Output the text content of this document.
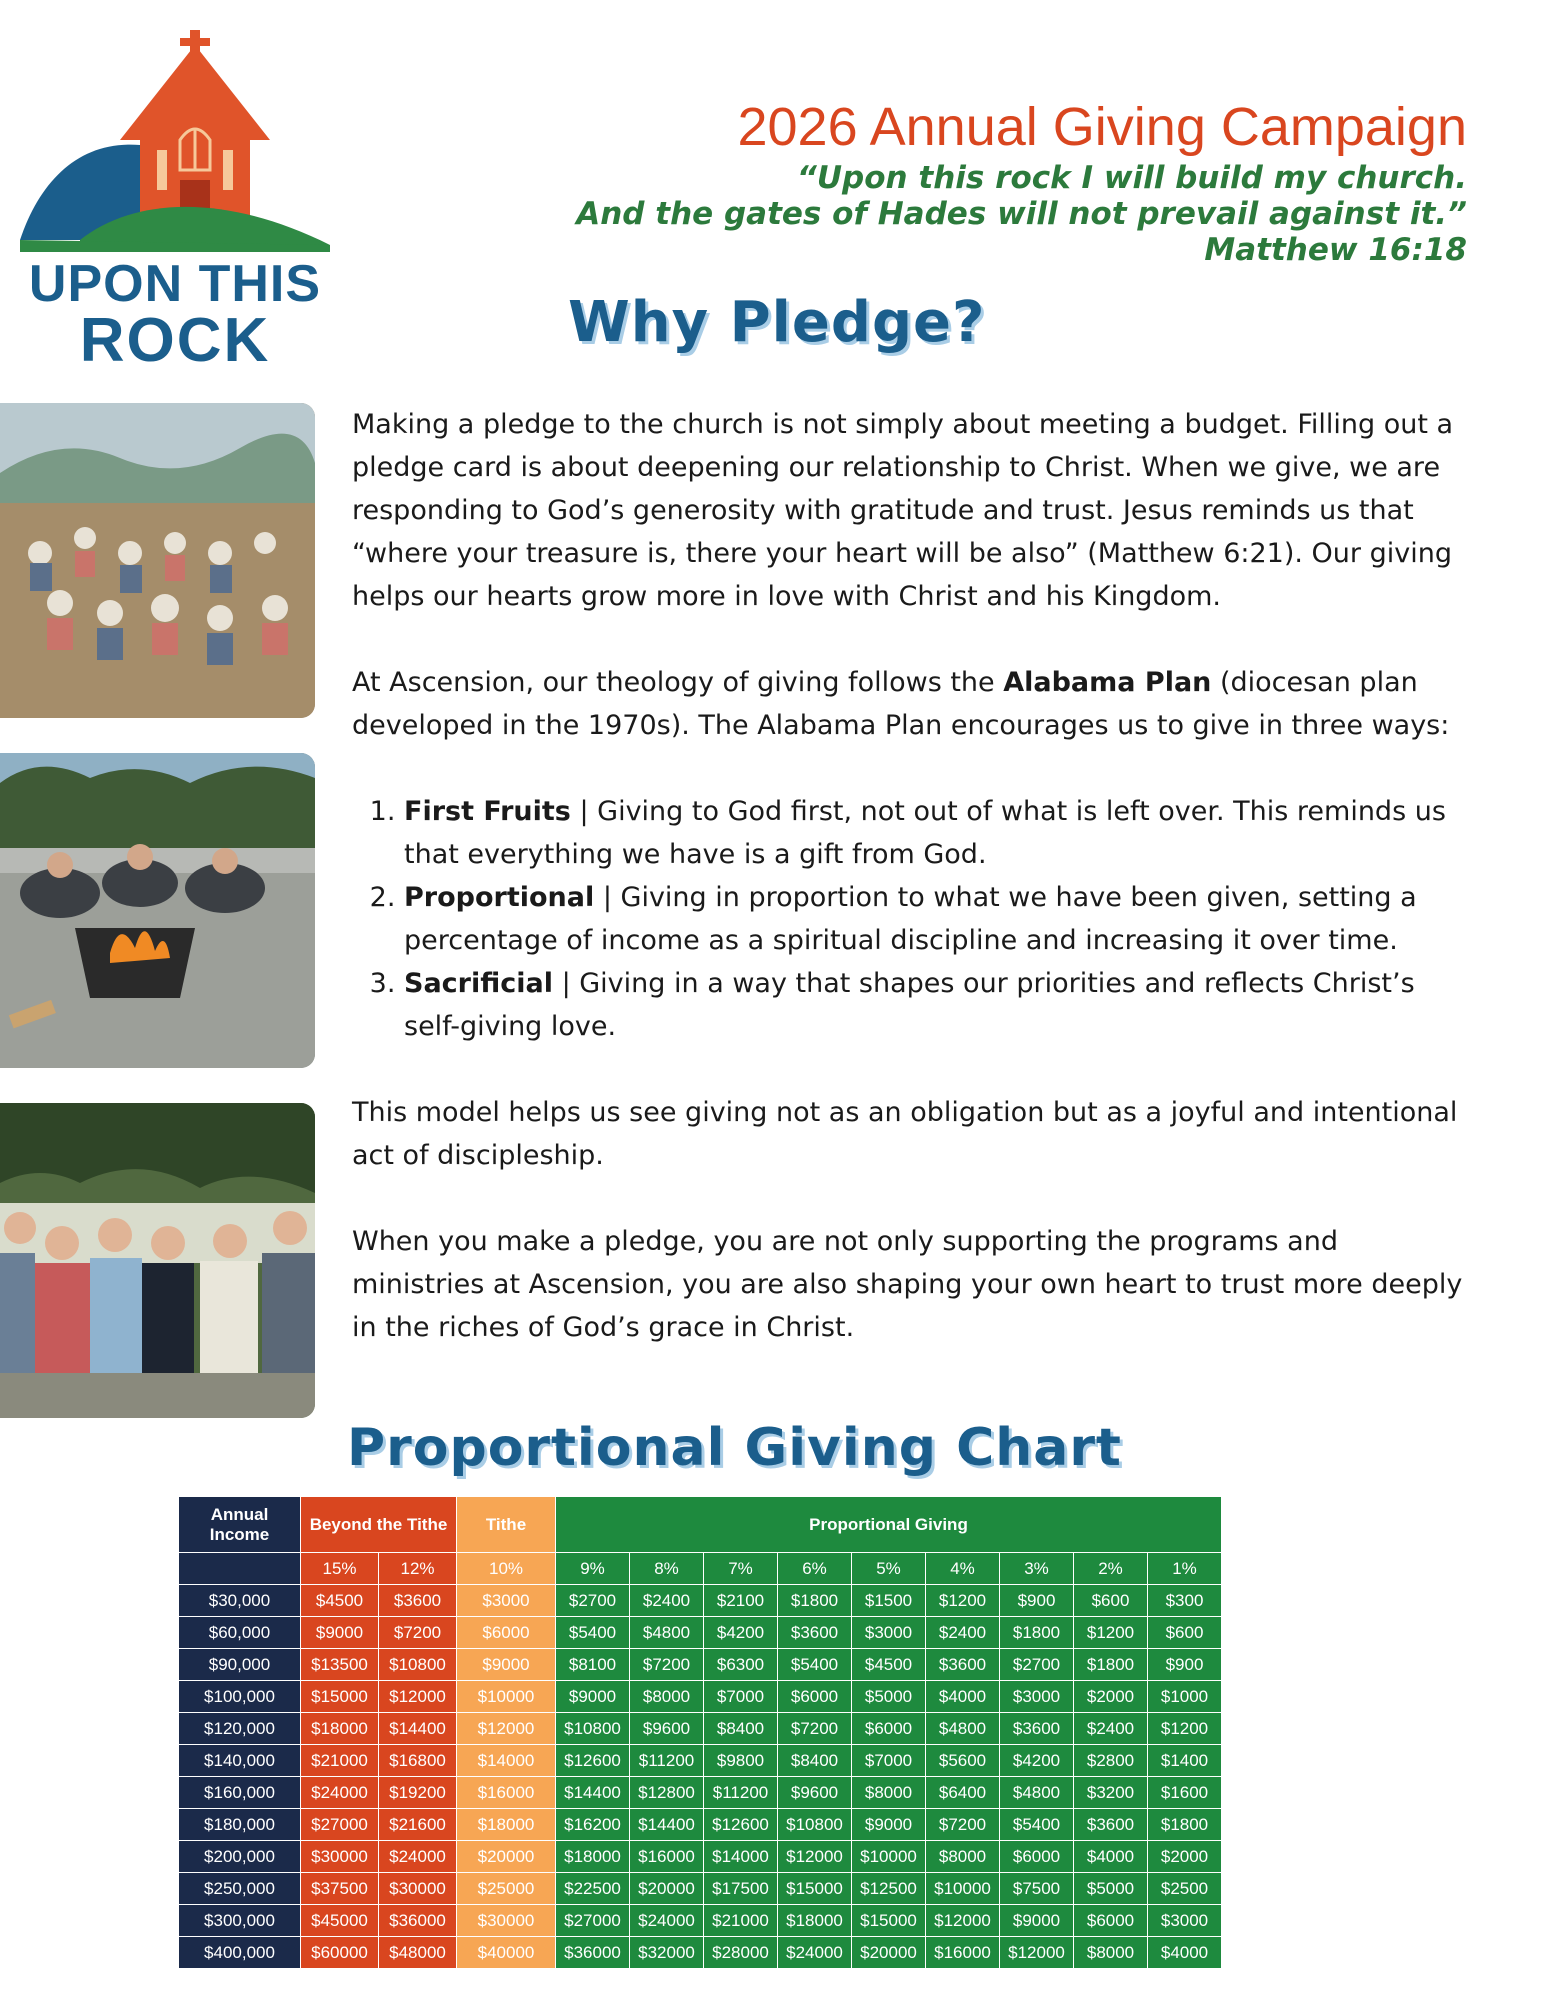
UPON THIS
ROCK
2026 Annual Giving Campaign
“Upon this rock I will build my church.
And the gates of Hades will not prevail against it.”
Matthew 16:18
Why Pledge?

Making a pledge to the church is not simply about meeting a budget. Filling out a pledge card is about deepening our relationship to Christ. When we give, we are responding to God’s generosity with gratitude and trust. Jesus reminds us that “where your treasure is, there your heart will be also” (Matthew 6:21). Our giving helps our hearts grow more in love with Christ and his Kingdom.

At Ascension, our theology of giving follows the Alabama Plan (diocesan plan developed in the 1970s). The Alabama Plan encourages us to give in three ways:

1. First Fruits | Giving to God first, not out of what is left over. This reminds us that everything we have is a gift from God.
2. Proportional | Giving in proportion to what we have been given, setting a percentage of income as a spiritual discipline and increasing it over time.
3. Sacrificial | Giving in a way that shapes our priorities and reflects Christ’s self-giving love.

This model helps us see giving not as an obligation but as a joyful and intentional act of discipleship.

When you make a pledge, you are not only supporting the programs and ministries at Ascension, you are also shaping your own heart to trust more deeply in the riches of God’s grace in Christ.

Proportional Giving Chart
Annual
Income	Beyond the Tithe		Tithe	Proportional Giving								
	15%	12%	10%	9%	8%	7%	6%	5%	4%	3%	2%	1%
$30,000	$4500	$3600	$3000	$2700	$2400	$2100	$1800	$1500	$1200	$900	$600	$300
$60,000	$9000	$7200	$6000	$5400	$4800	$4200	$3600	$3000	$2400	$1800	$1200	$600
$90,000	$13500	$10800	$9000	$8100	$7200	$6300	$5400	$4500	$3600	$2700	$1800	$900
$100,000	$15000	$12000	$10000	$9000	$8000	$7000	$6000	$5000	$4000	$3000	$2000	$1000
$120,000	$18000	$14400	$12000	$10800	$9600	$8400	$7200	$6000	$4800	$3600	$2400	$1200
$140,000	$21000	$16800	$14000	$12600	$11200	$9800	$8400	$7000	$5600	$4200	$2800	$1400
$160,000	$24000	$19200	$16000	$14400	$12800	$11200	$9600	$8000	$6400	$4800	$3200	$1600
$180,000	$27000	$21600	$18000	$16200	$14400	$12600	$10800	$9000	$7200	$5400	$3600	$1800
$200,000	$30000	$24000	$20000	$18000	$16000	$14000	$12000	$10000	$8000	$6000	$4000	$2000
$250,000	$37500	$30000	$25000	$22500	$20000	$17500	$15000	$12500	$10000	$7500	$5000	$2500
$300,000	$45000	$36000	$30000	$27000	$24000	$21000	$18000	$15000	$12000	$9000	$6000	$3000
$400,000	$60000	$48000	$40000	$36000	$32000	$28000	$24000	$20000	$16000	$12000	$8000	$4000
